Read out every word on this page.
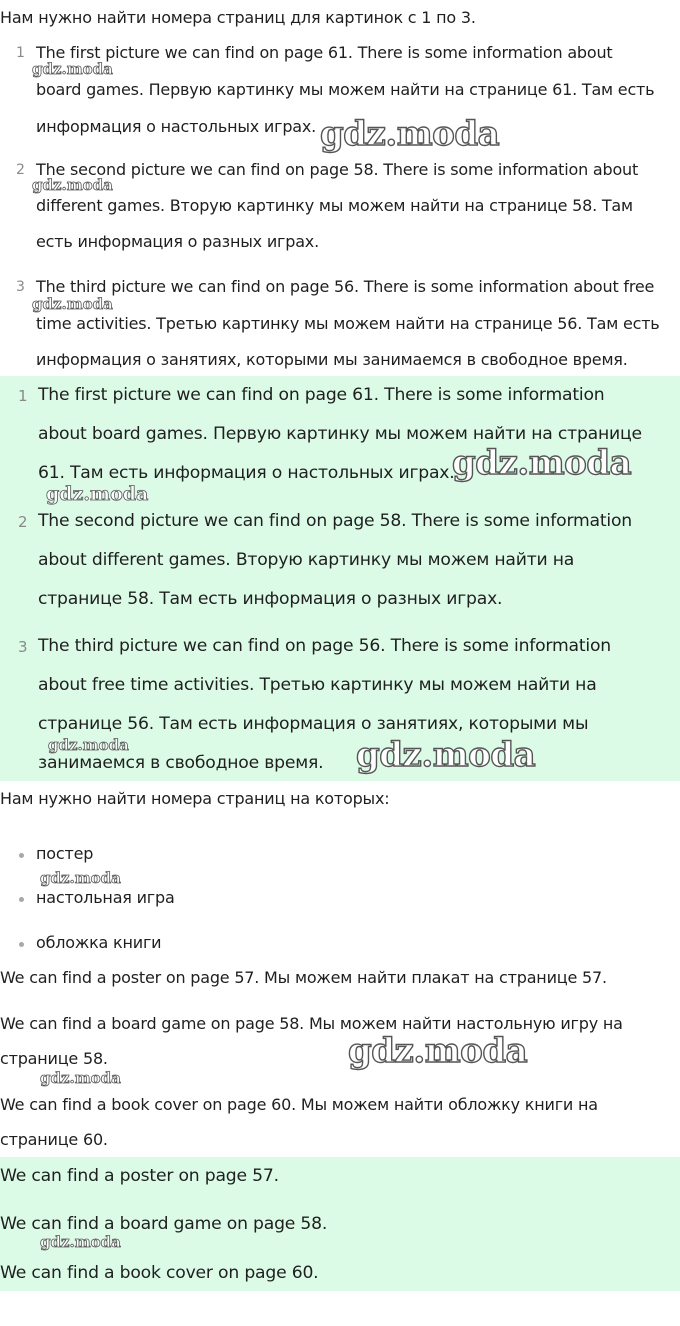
Нам нужно найти номера страниц для картинок с 1 по 3.
1 The first picture we can find on page 61. There is some information about
board games. Первую картинку мы можем найти на странице 61. Там есть
информация о настольных играх.
2 The second picture we can find on page 58. There is some information about
different games. Вторую картинку мы можем найти на странице 58. Там
есть информация о разных играх.
3 The third picture we can find on page 56. There is some information about free
time activities. Третью картинку мы можем найти на странице 56. Там есть
информация о занятиях, которыми мы занимаемся в свободное время.
1 The first picture we can find on page 61. There is some information
about board games. Первую картинку мы можем найти на странице
61. Там есть информация о настольных играх.
2 The second picture we can find on page 58. There is some information
about different games. Вторую картинку мы можем найти на
странице 58. Там есть информация о разных играх.
3 The third picture we can find on page 56. There is some information
about free time activities. Третью картинку мы можем найти на
странице 56. Там есть информация о занятиях, которыми мы
занимаемся в свободное время.
Нам нужно найти номера страниц на которых:
постер
настольная игра
обложка книги
We can find a poster on page 57. Мы можем найти плакат на странице 57.
We can find a board game on page 58. Мы можем найти настольную игру на
странице 58.
We can find a book cover on page 60. Мы можем найти обложку книги на
странице 60.
We can find a poster on page 57.
We can find a board game on page 58.
We can find a book cover on page 60.
gdz.moda
gdz.moda
gdz.moda
gdz.moda
gdz.moda
gdz.moda
gdz.moda	gdz.moda
gdz.moda
gdz.moda
gdz.moda
gdz.moda
